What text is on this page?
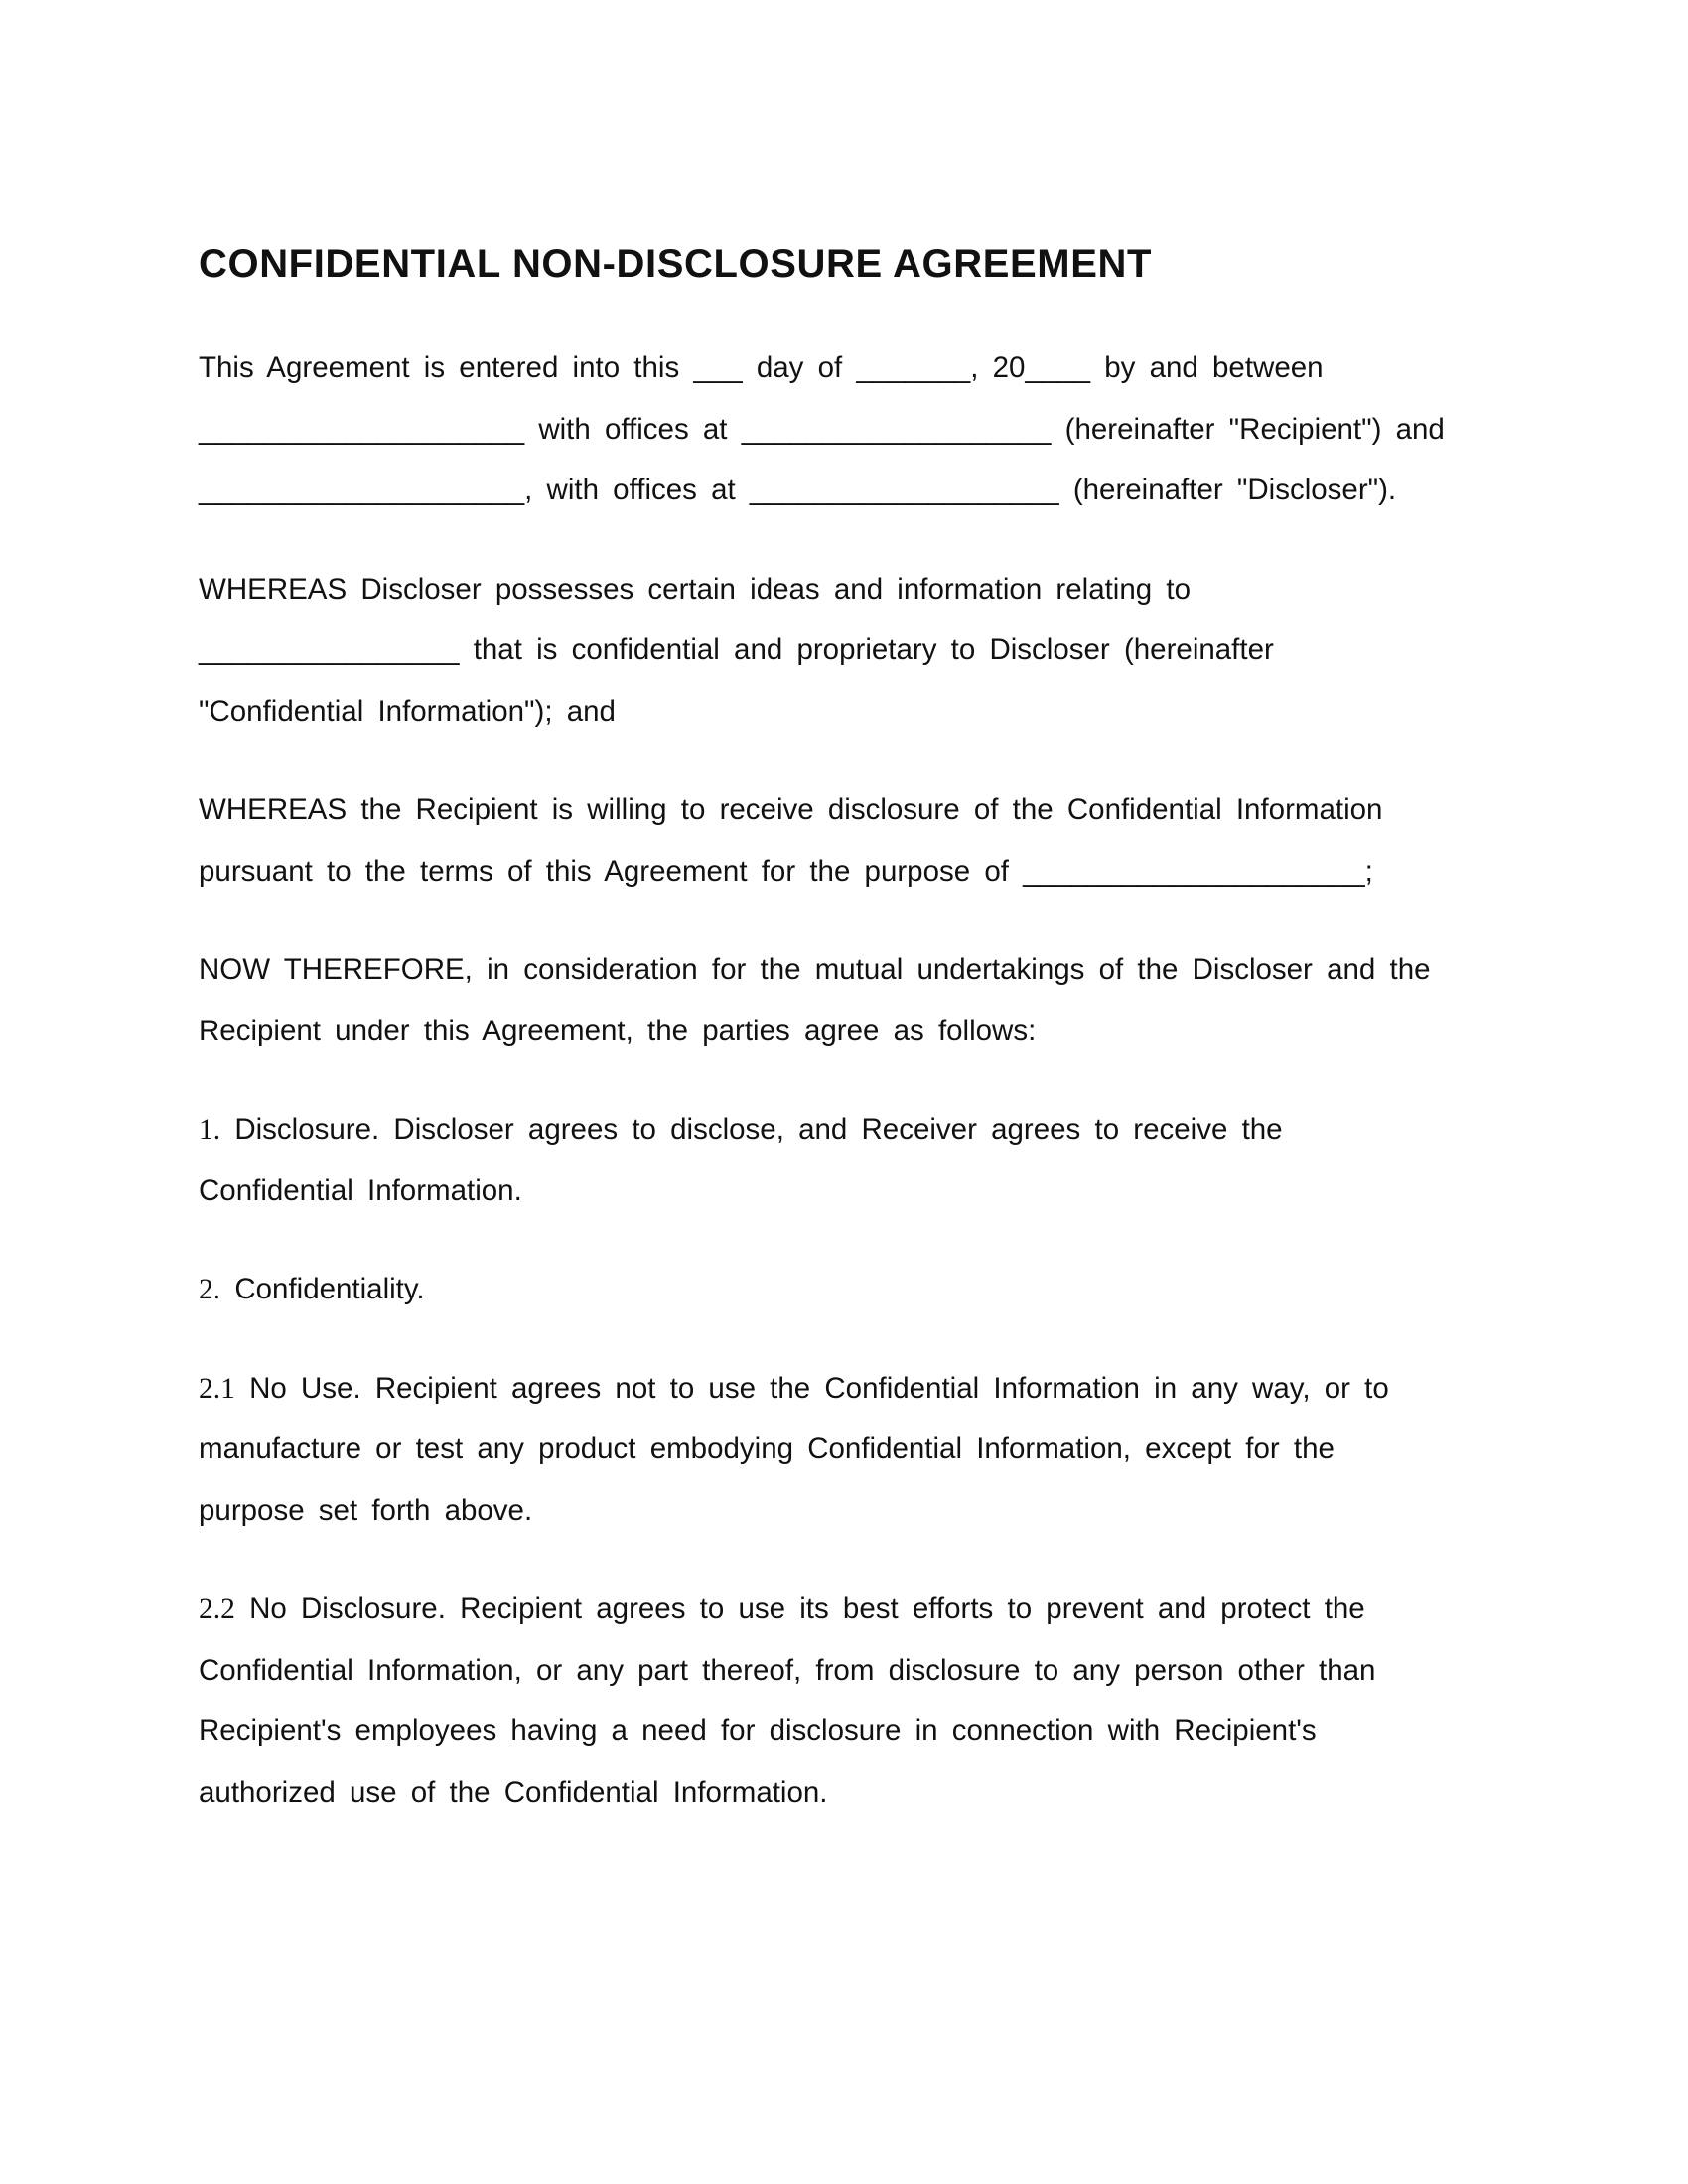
CONFIDENTIAL NON-DISCLOSURE AGREEMENT
This Agreement is entered into this ___ day of _______, 20____ by and between
____________________ with offices at ___________________ (hereinafter "Recipient") and
____________________, with offices at ___________________ (hereinafter "Discloser").
WHEREAS Discloser possesses certain ideas and information relating to
________________ that is confidential and proprietary to Discloser (hereinafter
"Confidential Information"); and
WHEREAS the Recipient is willing to receive disclosure of the Confidential Information
pursuant to the terms of this Agreement for the purpose of _____________________;
NOW THEREFORE, in consideration for the mutual undertakings of the Discloser and the
Recipient under this Agreement, the parties agree as follows:
1. Disclosure. Discloser agrees to disclose, and Receiver agrees to receive the
Confidential Information.
2. Confidentiality.
2.1 No Use. Recipient agrees not to use the Confidential Information in any way, or to
manufacture or test any product embodying Confidential Information, except for the
purpose set forth above.
2.2 No Disclosure. Recipient agrees to use its best efforts to prevent and protect the
Confidential Information, or any part thereof, from disclosure to any person other than
Recipient's employees having a need for disclosure in connection with Recipient's
authorized use of the Confidential Information.
